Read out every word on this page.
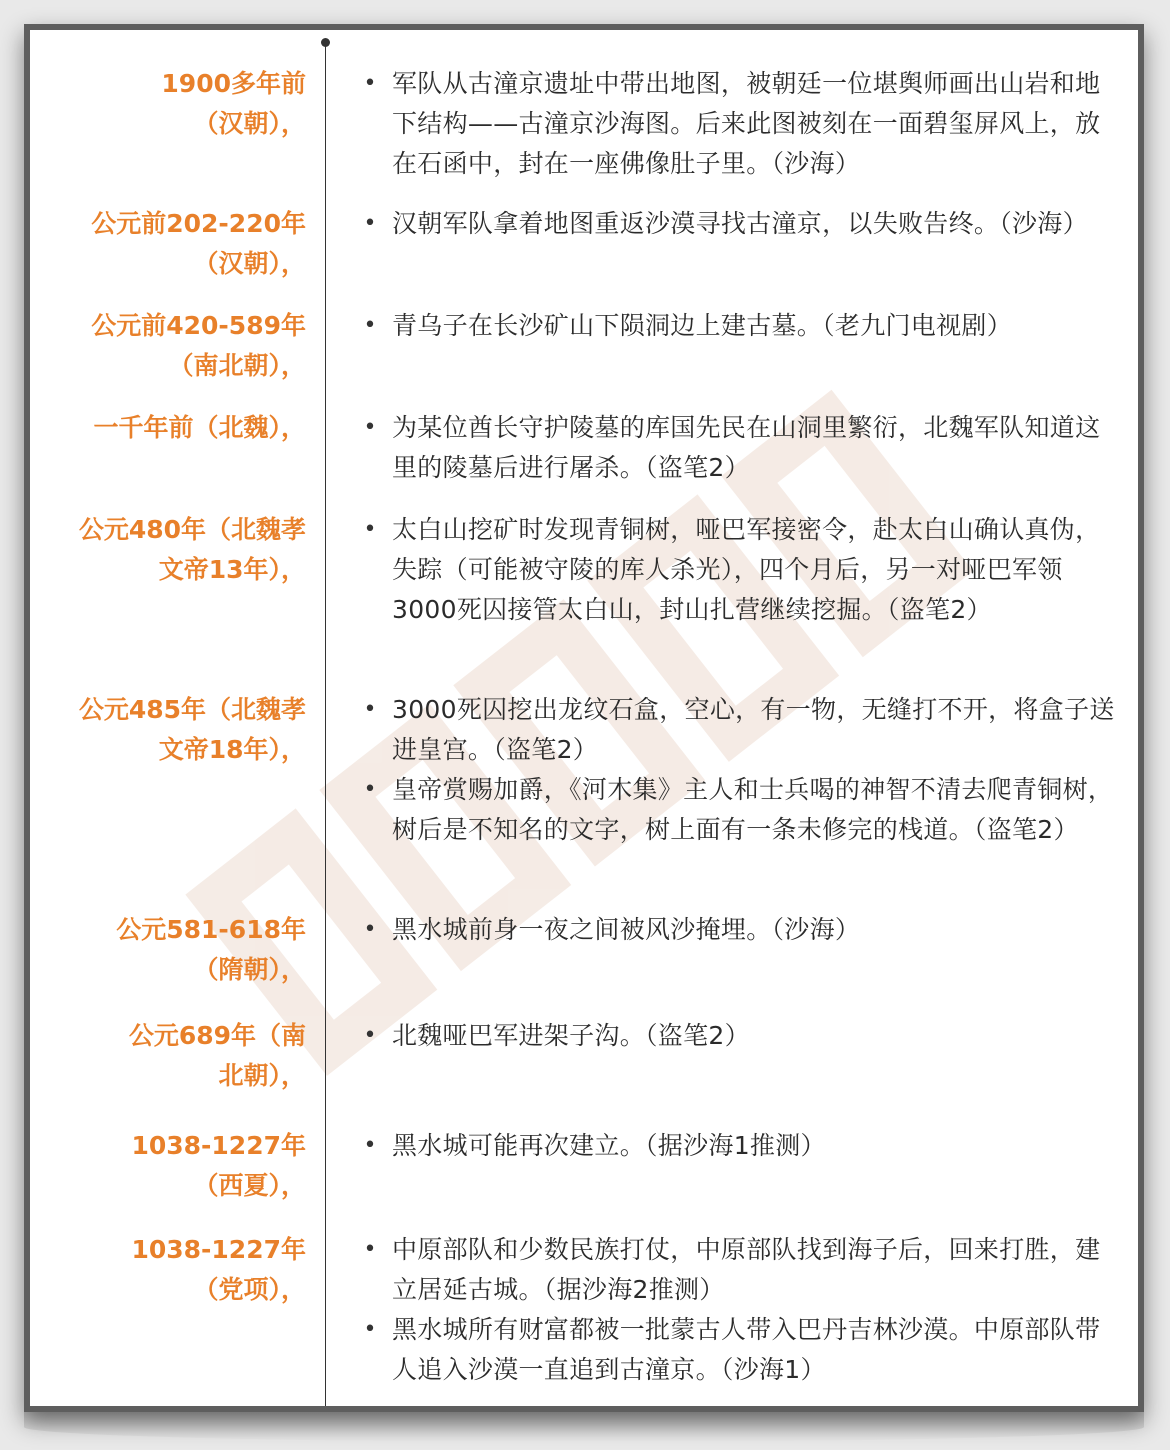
1900多年前
（汉朝），
• 军队从古潼京遗址中带出地图，被朝廷一位堪舆师画出山岩和地下结构——古潼京沙海图。后来此图被刻在一面碧玺屏风上，放在石函中，封在一座佛像肚子里。（沙海）
公元前202-220年
（汉朝），
• 汉朝军队拿着地图重返沙漠寻找古潼京，以失败告终。（沙海）
公元前420-589年
（南北朝），
• 青乌子在长沙矿山下陨洞边上建古墓。（老九门电视剧）
一千年前（北魏），	• 为某位酋长守护陵墓的库国先民在山洞里繁衍，北魏军队知道这里的陵墓后进行屠杀。（盗笔2）
公元480年（北魏孝
文帝13年），
• 太白山挖矿时发现青铜树，哑巴军接密令，赴太白山确认真伪，失踪（可能被守陵的库人杀光），四个月后，另一对哑巴军领3000死囚接管太白山，封山扎营继续挖掘。（盗笔2）
公元485年（北魏孝
文帝18年），
• 3000死囚挖出龙纹石盒，空心，有一物，无缝打不开，将盒子送进皇宫。（盗笔2）
• 皇帝赏赐加爵，《河木集》主人和士兵喝的神智不清去爬青铜树，树后是不知名的文字，树上面有一条未修完的栈道。（盗笔2）
公元581-618年
（隋朝），
• 黑水城前身一夜之间被风沙掩埋。（沙海）
公元689年（南
北朝），
• 北魏哑巴军进架子沟。（盗笔2）
1038-1227年
（西夏），
• 黑水城可能再次建立。（据沙海1推测）
1038-1227年
（党项），
• 中原部队和少数民族打仗，中原部队找到海子后，回来打胜，建立居延古城。（据沙海2推测）
• 黑水城所有财富都被一批蒙古人带入巴丹吉林沙漠。中原部队带人追入沙漠一直追到古潼京。（沙海1）
